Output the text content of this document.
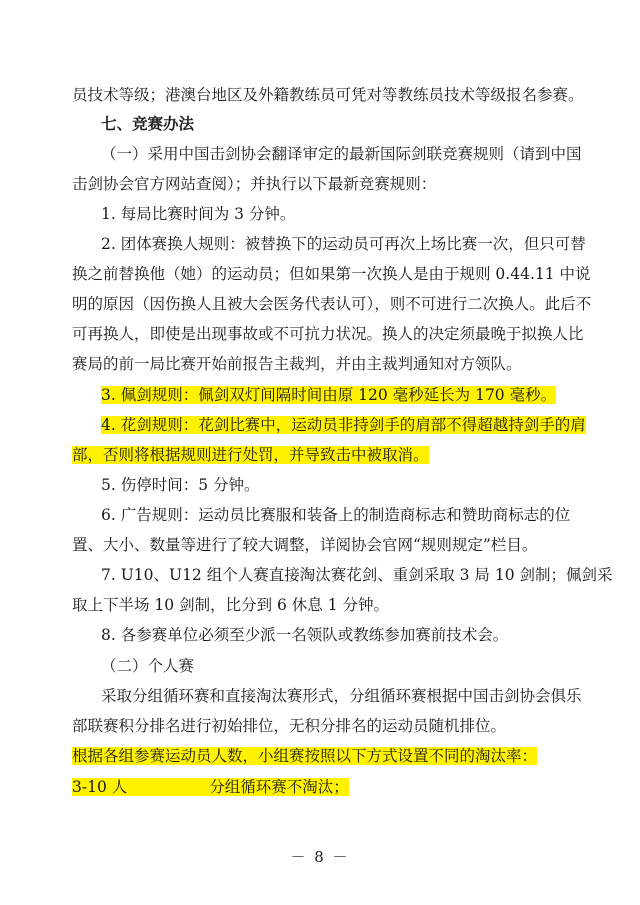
员技术等级；港澳台地区及外籍教练员可凭对等教练员技术等级报名参赛。
七、竞赛办法
（一）采用中国击剑协会翻译审定的最新国际剑联竞赛规则（请到中国
击剑协会官方网站查阅）；并执行以下最新竞赛规则：
1. 每局比赛时间为 3 分钟。
2. 团体赛换人规则：被替换下的运动员可再次上场比赛一次，但只可替
换之前替换他（她）的运动员；但如果第一次换人是由于规则 0.44.11 中说
明的原因（因伤换人且被大会医务代表认可），则不可进行二次换人。此后不
可再换人，即使是出现事故或不可抗力状况。换人的决定须最晚于拟换人比
赛局的前一局比赛开始前报告主裁判，并由主裁判通知对方领队。
3. 佩剑规则：佩剑双灯间隔时间由原 120 毫秒延长为 170 毫秒。
4. 花剑规则：花剑比赛中，运动员非持剑手的肩部不得超越持剑手的肩
部，否则将根据规则进行处罚，并导致击中被取消。
5. 伤停时间：5 分钟。
6. 广告规则：运动员比赛服和装备上的制造商标志和赞助商标志的位
置、大小、数量等进行了较大调整，详阅协会官网“规则规定”栏目。
7. U10、U12 组个人赛直接淘汰赛花剑、重剑采取 3 局 10 剑制；佩剑采
取上下半场 10 剑制，比分到 6 休息 1 分钟。
8. 各参赛单位必须至少派一名领队或教练参加赛前技术会。
（二）个人赛
采取分组循环赛和直接淘汰赛形式，分组循环赛根据中国击剑协会俱乐
部联赛积分排名进行初始排位，无积分排名的运动员随机排位。
根据各组参赛运动员人数，小组赛按照以下方式设置不同的淘汰率：
3-10 人	分组循环赛不淘汰；
－ 8 －
